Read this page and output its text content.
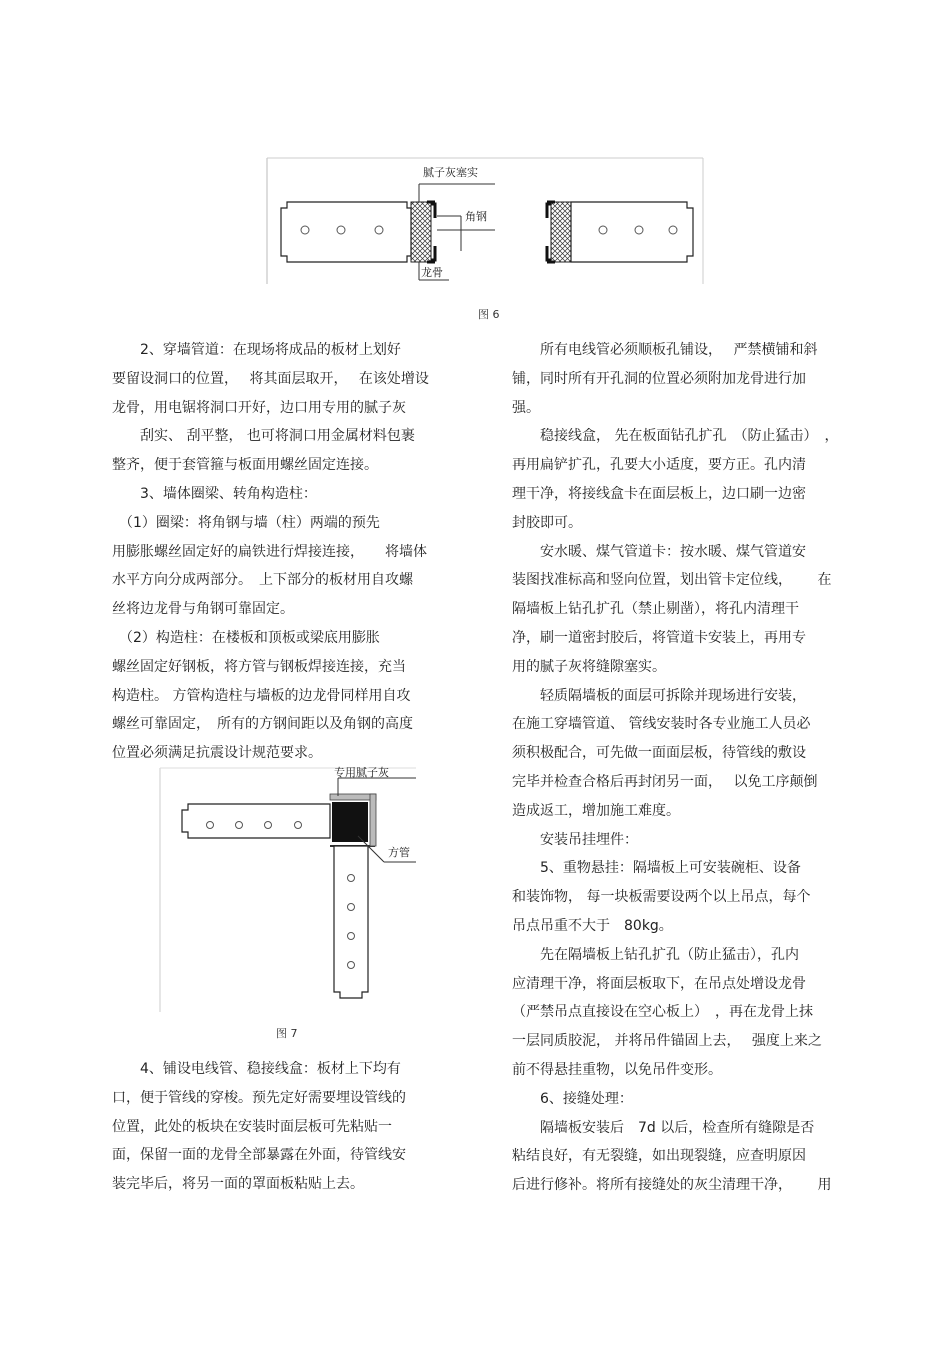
腻子灰塞实
角钢
龙骨
图 6

　　2、穿墙管道：在现场将成品的板材上划好

要留设洞口的位置，　 将其面层取开，　 在该处增设

龙骨，用电锯将洞口开好，边口用专用的腻子灰

　　刮实、 刮平整， 也可将洞口用金属材料包裹

整齐，便于套管箍与板面用螺丝固定连接。

　　3、墙体圈梁、转角构造柱：

　（1）圈梁：将角钢与墙（柱）两端的预先

用膨胀螺丝固定好的扁铁进行焊接连接，　　将墙体

水平方向分成两部分。　上下部分的板材用自攻螺

丝将边龙骨与角钢可靠固定。

　（2）构造柱：在楼板和顶板或梁底用膨胀

螺丝固定好钢板，将方管与钢板焊接连接，充当

构造柱。 方管构造柱与墙板的边龙骨同样用自攻

螺丝可靠固定，　所有的方钢间距以及角钢的高度

位置必须满足抗震设计规范要求。

专用腻子灰
方管
图 7

　　4、铺设电线管、稳接线盒：板材上下均有

口，便于管线的穿梭。预先定好需要埋设管线的

位置，此处的板块在安装时面层板可先粘贴一

面，保留一面的龙骨全部暴露在外面，待管线安

装完毕后，将另一面的罩面板粘贴上去。

　　所有电线管必须顺板孔铺设，　 严禁横铺和斜

铺，同时所有开孔洞的位置必须附加龙骨进行加

强。

　　稳接线盒， 先在板面钻孔扩孔　（防止猛击）　，

再用扁铲扩孔，孔要大小适度，要方正。孔内清

理干净，将接线盒卡在面层板上，边口刷一边密

封胶即可。

　　安水暖、煤气管道卡：按水暖、煤气管道安

装图找准标高和竖向位置，划出管卡定位线，　　 在

隔墙板上钻孔扩孔（禁止剔凿），将孔内清理干

净，刷一道密封胶后，将管道卡安装上，再用专

用的腻子灰将缝隙塞实。

　　轻质隔墙板的面层可拆除并现场进行安装，

在施工穿墙管道、 管线安装时各专业施工人员必

须积极配合，可先做一面面层板，待管线的敷设

完毕并检查合格后再封闭另一面，　 以免工序颠倒

造成返工，增加施工难度。

　　安装吊挂埋件：

　　5、重物悬挂：隔墙板上可安装碗柜、设备

和装饰物， 每一块板需要设两个以上吊点，每个

吊点吊重不大于　80kg。

　　先在隔墙板上钻孔扩孔（防止猛击），孔内

应清理干净，将面层板取下，在吊点处增设龙骨

（严禁吊点直接设在空心板上）　，再在龙骨上抹

一层同质胶泥， 并将吊件锚固上去，　 强度上来之

前不得悬挂重物，以免吊件变形。

　　6、接缝处理：

　　隔墙板安装后　7d 以后，检查所有缝隙是否

粘结良好，有无裂缝，如出现裂缝，应查明原因

后进行修补。将所有接缝处的灰尘清理干净，　　 用
